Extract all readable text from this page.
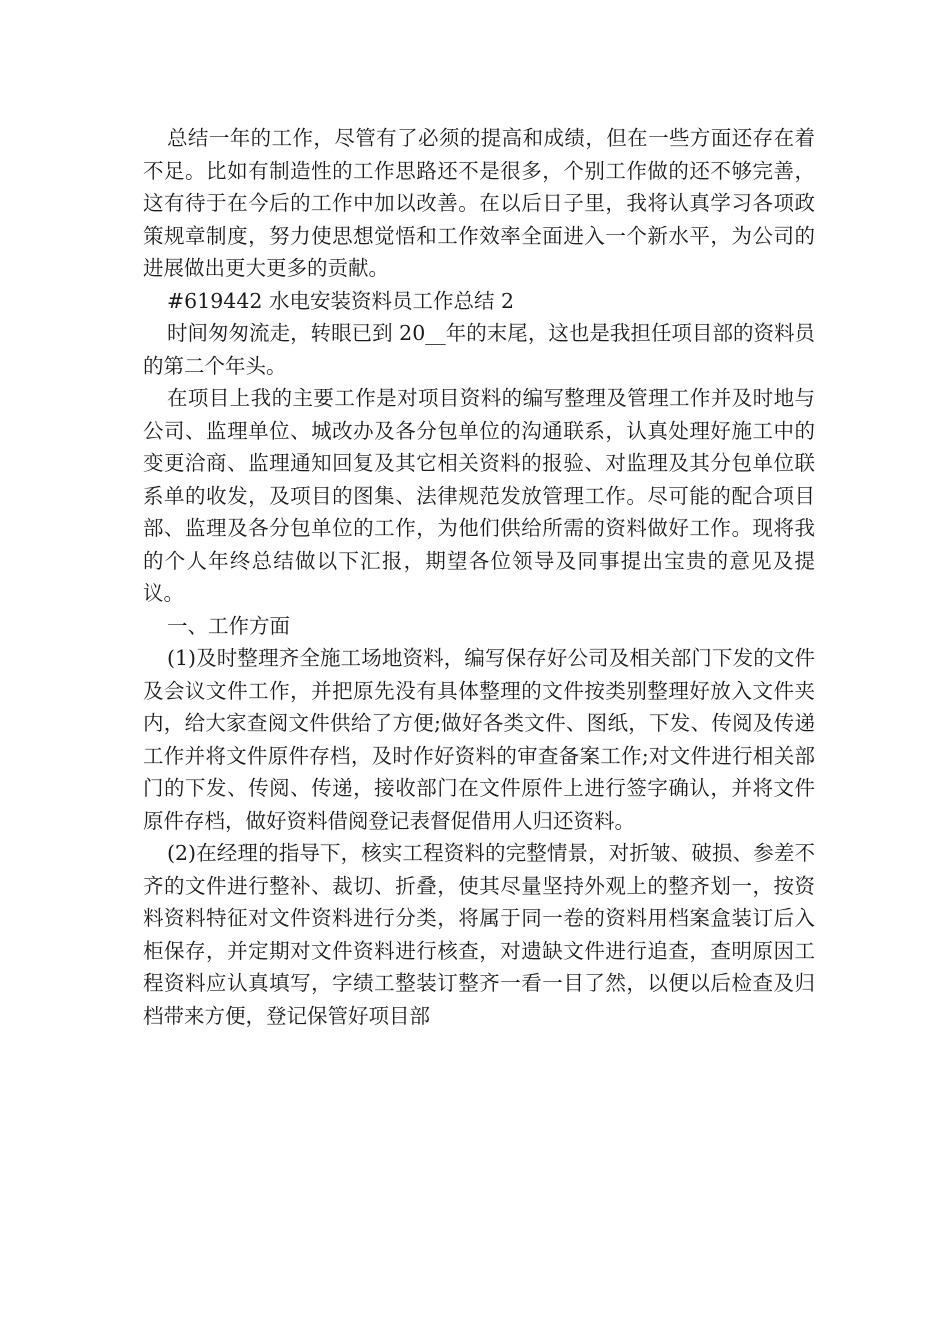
总结一年的工作，尽管有了必须的提高和成绩，但在一些方面还存在着不足。比如有制造性的工作思路还不是很多，个别工作做的还不够完善，这有待于在今后的工作中加以改善。在以后日子里，我将认真学习各项政策规章制度，努力使思想觉悟和工作效率全面进入一个新水平，为公司的进展做出更大更多的贡献。

#619442 水电安装资料员工作总结 2

时间匆匆流走，转眼已到 20__年的末尾，这也是我担任项目部的资料员的第二个年头。

在项目上我的主要工作是对项目资料的编写整理及管理工作并及时地与公司、监理单位、城改办及各分包单位的沟通联系，认真处理好施工中的变更洽商、监理通知回复及其它相关资料的报验、对监理及其分包单位联系单的收发，及项目的图集、法律规范发放管理工作。尽可能的配合项目部、监理及各分包单位的工作，为他们供给所需的资料做好工作。现将我的个人年终总结做以下汇报，期望各位领导及同事提出宝贵的意见及提议。

一、工作方面

(1)及时整理齐全施工场地资料，编写保存好公司及相关部门下发的文件及会议文件工作，并把原先没有具体整理的文件按类别整理好放入文件夹内，给大家查阅文件供给了方便;做好各类文件、图纸，下发、传阅及传递工作并将文件原件存档，及时作好资料的审查备案工作;对文件进行相关部门的下发、传阅、传递，接收部门在文件原件上进行签字确认，并将文件原件存档，做好资料借阅登记表督促借用人归还资料。

(2)在经理的指导下，核实工程资料的完整情景，对折皱、破损、参差不齐的文件进行整补、裁切、折叠，使其尽量坚持外观上的整齐划一，按资料资料特征对文件资料进行分类，将属于同一卷的资料用档案盒装订后入柜保存，并定期对文件资料进行核查，对遗缺文件进行追查，查明原因工程资料应认真填写，字绩工整装订整齐一看一目了然，以便以后检查及归档带来方便，登记保管好项目部
